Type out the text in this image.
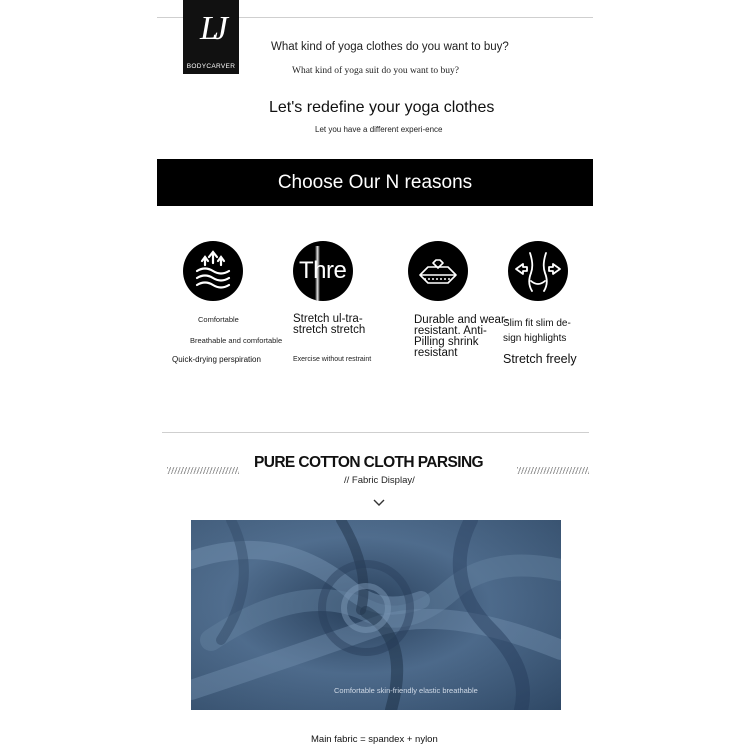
LJ
BODYCARVER
What kind of yoga clothes do you want to buy?
What kind of yoga suit do you want to buy?
Let's redefine your yoga clothes
Let you have a different experi-ence
Choose Our N reasons
Thre
Comfortable
Breathable and comfortable
Quick-drying perspiration
Stretch ul-tra-stretch stretch
Exercise without restraint
Durable and wear-resistant. Anti-Pilling shrink resistant
Slim fit slim de-sign highlights
Stretch freely
PURE COTTON CLOTH PARSING
// Fabric Display/
Comfortable skin-friendly elastic breathable
Main fabric = spandex + nylon
